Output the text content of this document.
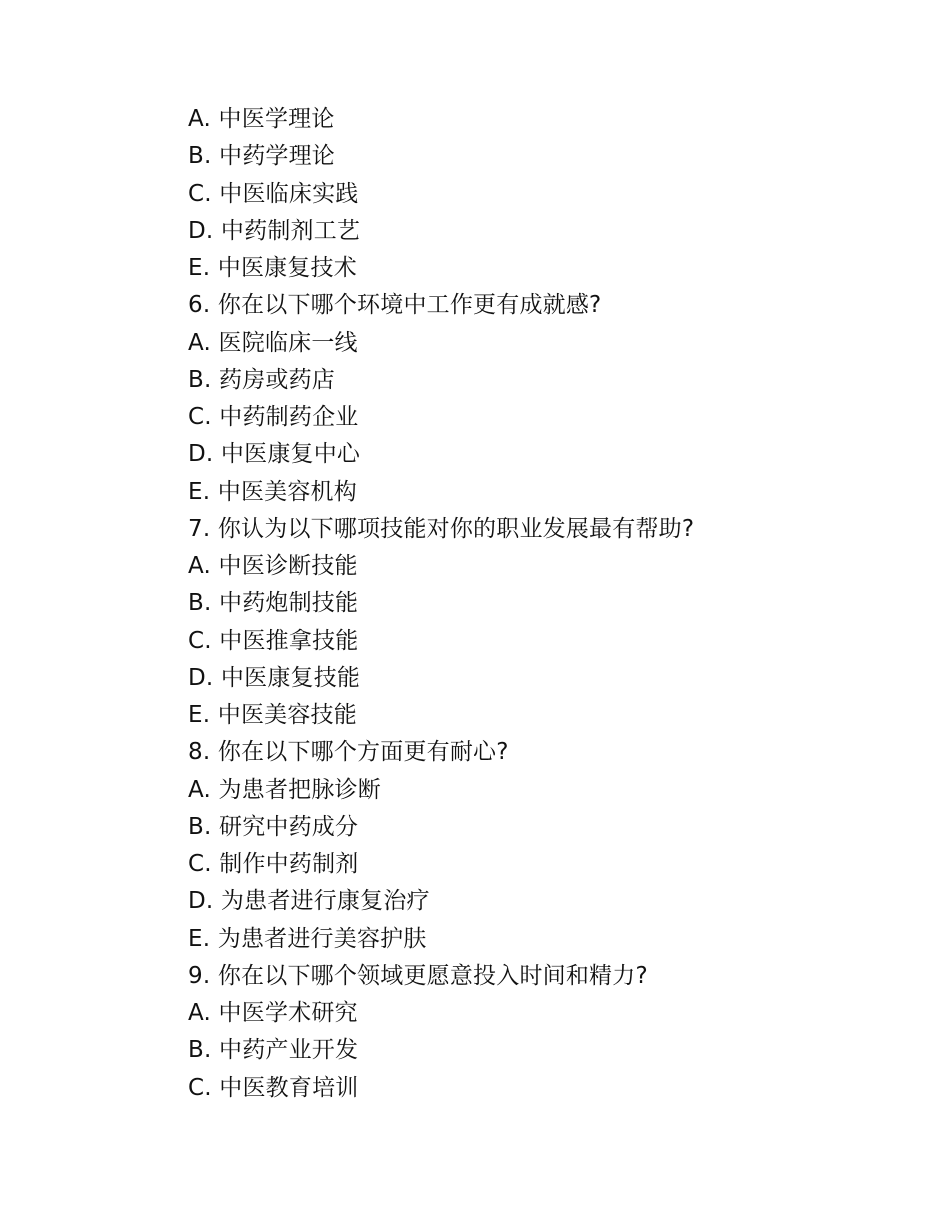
A. 中医学理论
B. 中药学理论
C. 中医临床实践
D. 中药制剂工艺
E. 中医康复技术
6. 你在以下哪个环境中工作更有成就感?
A. 医院临床一线
B. 药房或药店
C. 中药制药企业
D. 中医康复中心
E. 中医美容机构
7. 你认为以下哪项技能对你的职业发展最有帮助?
A. 中医诊断技能
B. 中药炮制技能
C. 中医推拿技能
D. 中医康复技能
E. 中医美容技能
8. 你在以下哪个方面更有耐心?
A. 为患者把脉诊断
B. 研究中药成分
C. 制作中药制剂
D. 为患者进行康复治疗
E. 为患者进行美容护肤
9. 你在以下哪个领域更愿意投入时间和精力?
A. 中医学术研究
B. 中药产业开发
C. 中医教育培训
